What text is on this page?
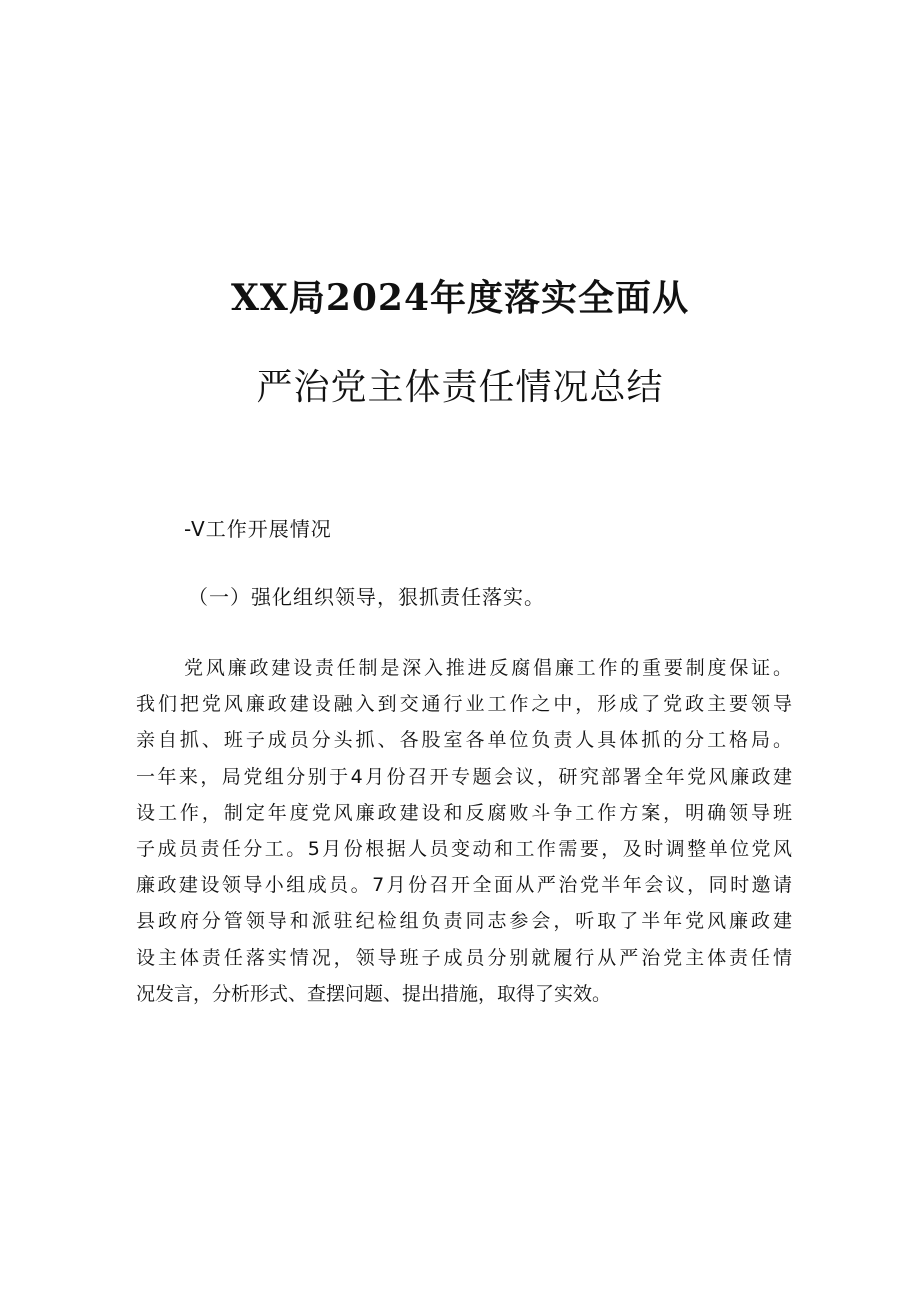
XX局2024年度落实全面从
严治党主体责任情况总结
-V工作开展情况
（一）强化组织领导，狠抓责任落实。
党风廉政建设责任制是深入推进反腐倡廉工作的重要制度保证。
我们把党风廉政建设融入到交通行业工作之中，形成了党政主要领导
亲自抓、班子成员分头抓、各股室各单位负责人具体抓的分工格局。
一年来，局党组分别于4月份召开专题会议，研究部署全年党风廉政建
设工作，制定年度党风廉政建设和反腐败斗争工作方案，明确领导班
子成员责任分工。5月份根据人员变动和工作需要，及时调整单位党风
廉政建设领导小组成员。7月份召开全面从严治党半年会议，同时邀请
县政府分管领导和派驻纪检组负责同志参会，听取了半年党风廉政建
设主体责任落实情况，领导班子成员分别就履行从严治党主体责任情
况发言，分析形式、查摆问题、提出措施，取得了实效。
